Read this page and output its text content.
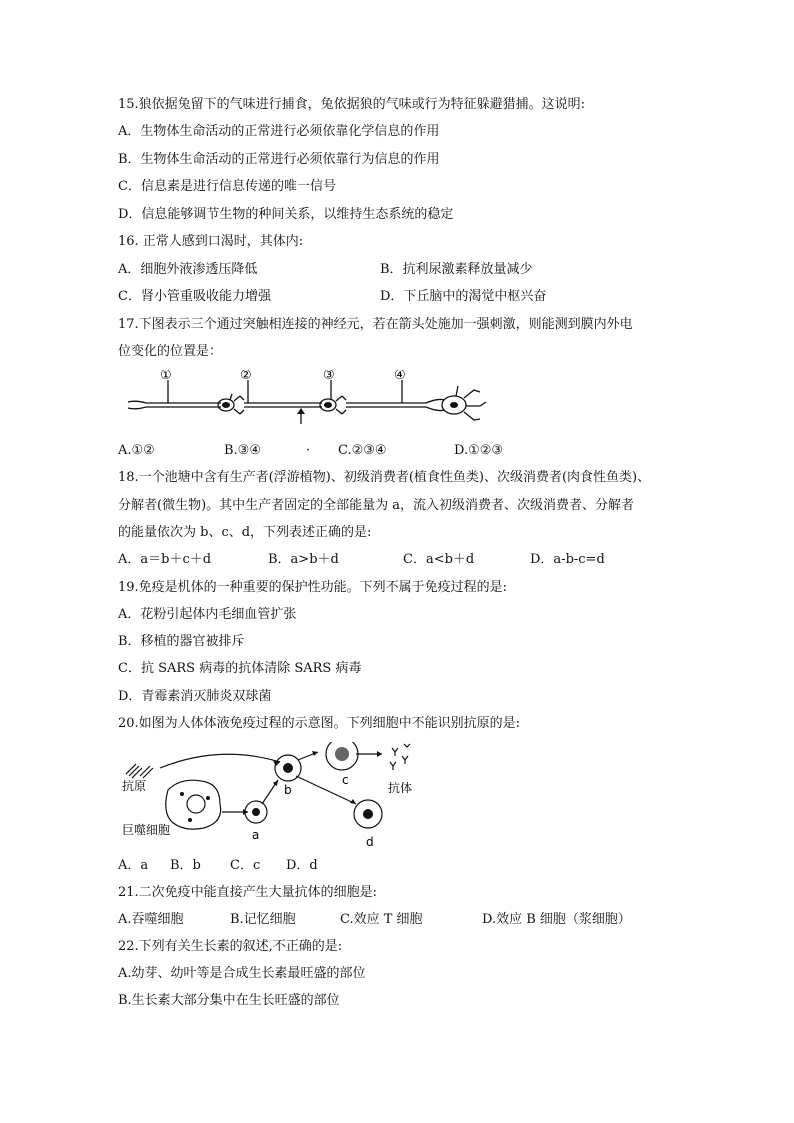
15.狼依据兔留下的气味进行捕食，兔依据狼的气味或行为特征躲避猎捕。这说明:
A．生物体生命活动的正常进行必须依靠化学信息的作用
B．生物体生命活动的正常进行必须依靠行为信息的作用
C．信息素是进行信息传递的唯一信号
D．信息能够调节生物的种间关系，以维持生态系统的稳定
16. 正常人感到口渴时，其体内:
A．细胞外液渗透压降低	B．抗利尿激素释放量减少
C．肾小管重吸收能力增强	D．下丘脑中的渴觉中枢兴奋
17.下图表示三个通过突触相连接的神经元，若在箭头处施加一强刺激，则能测到膜内外电
位变化的位置是：
①	②	③	④
A.①②	B.③④	· C.②③④	D.①②③
18.一个池塘中含有生产者(浮游植物)、初级消费者(植食性鱼类)、次级消费者(肉食性鱼类)、
分解者(微生物)。其中生产者固定的全部能量为 a，流入初级消费者、次级消费者、分解者
的能量依次为 b、c、d，下列表述正确的是:
A．a＝b＋c＋d	B．a>b＋d	C．a<b＋d	D．a-b-c=d
19.免疫是机体的一种重要的保护性功能。下列不属于免疫过程的是:
A．花粉引起体内毛细血管扩张
B．移植的器官被排斥
C．抗 SARS 病毒的抗体清除 SARS 病毒
D．青霉素消灭肺炎双球菌
20.如图为人体体液免疫过程的示意图。下列细胞中不能识别抗原的是:
抗原
巨噬细胞	a
b
c
d
抗体
A．a B．b C．c D．d
21.二次免疫中能直接产生大量抗体的细胞是:
A.吞噬细胞	B.记忆细胞	C.效应 T 细胞	D.效应 B 细胞（浆细胞）
22.下列有关生长素的叙述,不正确的是:
A.幼芽、幼叶等是合成生长素最旺盛的部位
B.生长素大部分集中在生长旺盛的部位
